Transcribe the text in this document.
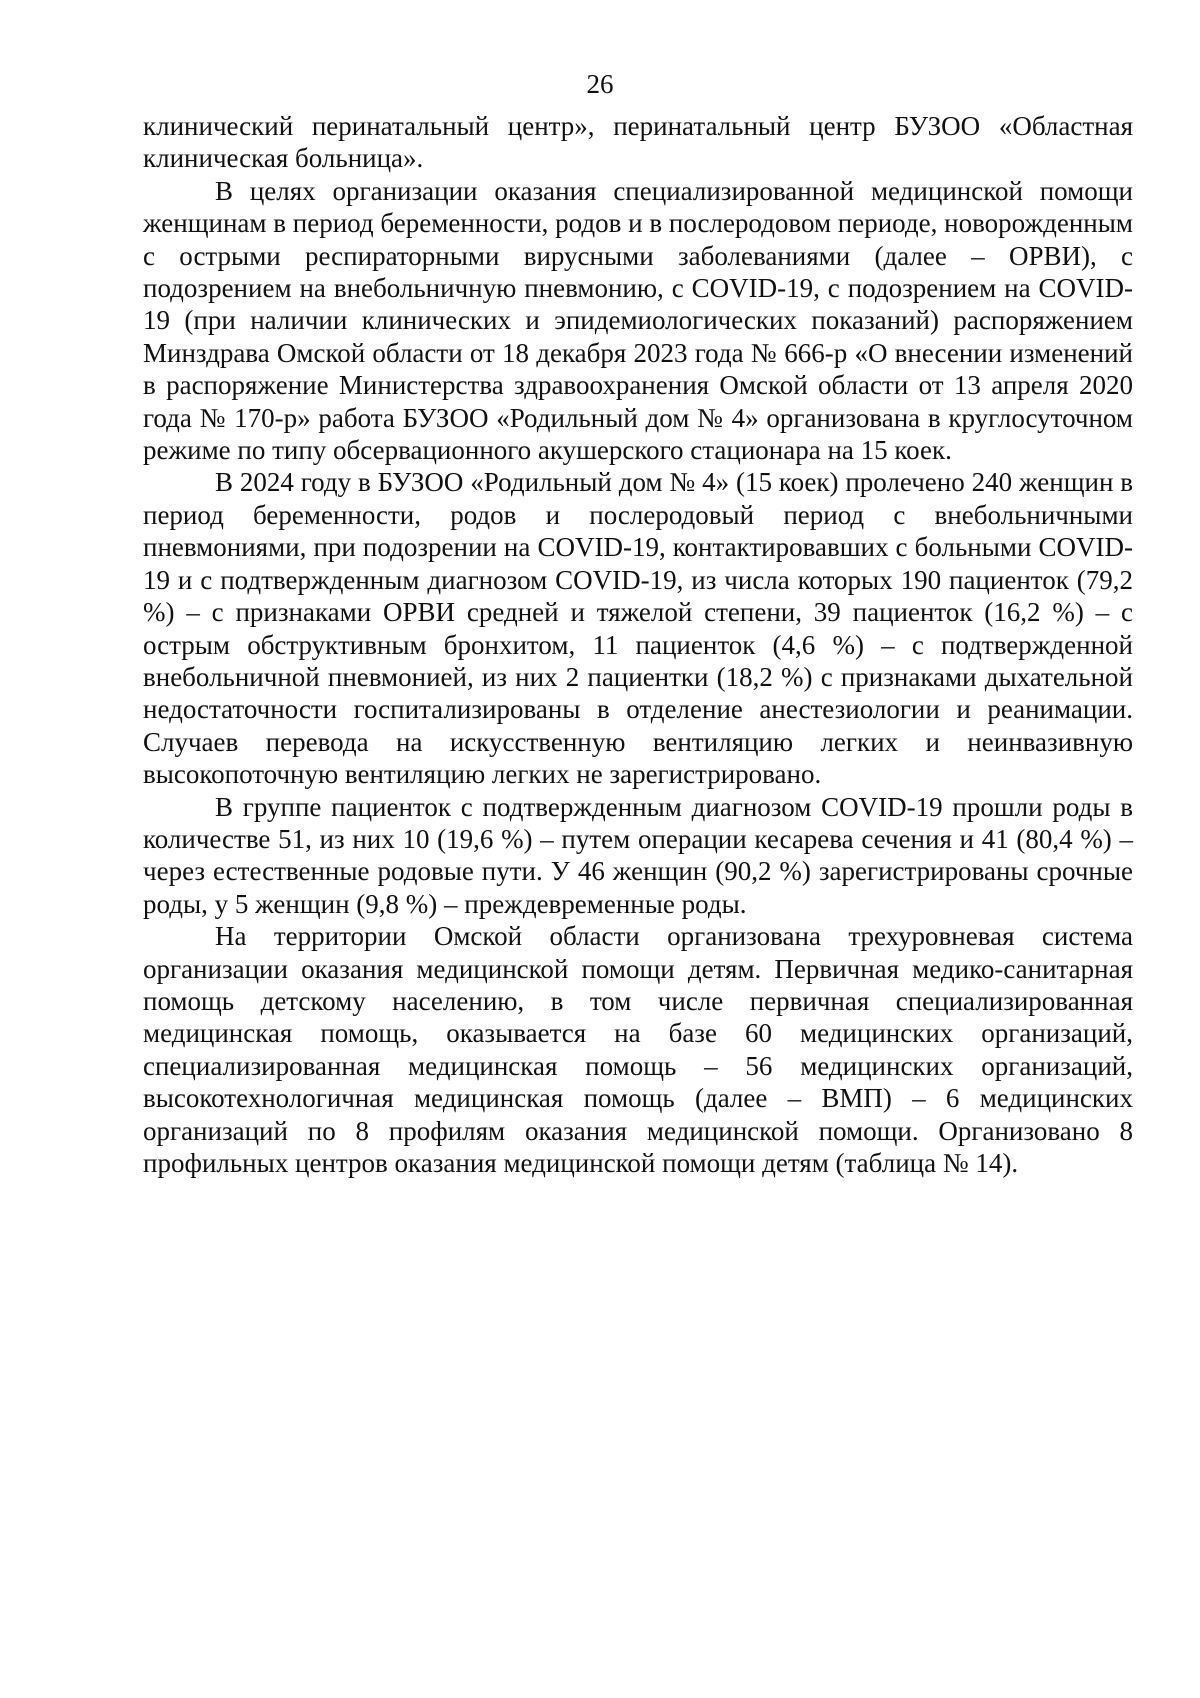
26

клинический перинатальный центр», перинатальный центр БУЗОО «Областная клиническая больница».

В целях организации оказания специализированной медицинской помощи женщинам в период беременности, родов и в послеродовом периоде, новорожденным с острыми респираторными вирусными заболеваниями (далее – ОРВИ), с подозрением на внебольничную пневмонию, с COVID-19, с подозрением на COVID-19 (при наличии клинических и эпидемиологических показаний) распоряжением Минздрава Омской области от 18 декабря 2023 года № 666-р «О внесении изменений в распоряжение Министерства здравоохранения Омской области от 13 апреля 2020 года № 170-р» работа БУЗОО «Родильный дом № 4» организована в круглосуточном режиме по типу обсервационного акушерского стационара на 15 коек.

В 2024 году в БУЗОО «Родильный дом № 4» (15 коек) пролечено 240 женщин в период беременности, родов и послеродовый период с внебольничными пневмониями, при подозрении на COVID-19, контактировавших с больными COVID-19 и с подтвержденным диагнозом COVID-19, из числа которых 190 пациенток (79,2 %) – с признаками ОРВИ средней и тяжелой степени, 39 пациенток (16,2 %) – с острым обструктивным бронхитом, 11 пациенток (4,6 %) – с подтвержденной внебольничной пневмонией, из них 2 пациентки (18,2 %) с признаками дыхательной недостаточности госпитализированы в отделение анестезиологии и реанимации. Случаев перевода на искусственную вентиляцию легких и неинвазивную высокопоточную вентиляцию легких не зарегистрировано.

В группе пациенток с подтвержденным диагнозом COVID-19 прошли роды в количестве 51, из них 10 (19,6 %) – путем операции кесарева сечения и 41 (80,4 %) – через естественные родовые пути. У 46 женщин (90,2 %) зарегистрированы срочные роды, у 5 женщин (9,8 %) – преждевременные роды.

На территории Омской области организована трехуровневая система организации оказания медицинской помощи детям. Первичная медико-санитарная помощь детскому населению, в том числе первичная специализированная медицинская помощь, оказывается на базе 60 медицинских организаций, специализированная медицинская помощь – 56 медицинских организаций, высокотехнологичная медицинская помощь (далее – ВМП) – 6 медицинских организаций по 8 профилям оказания медицинской помощи. Организовано 8 профильных центров оказания медицинской помощи детям (таблица № 14).
